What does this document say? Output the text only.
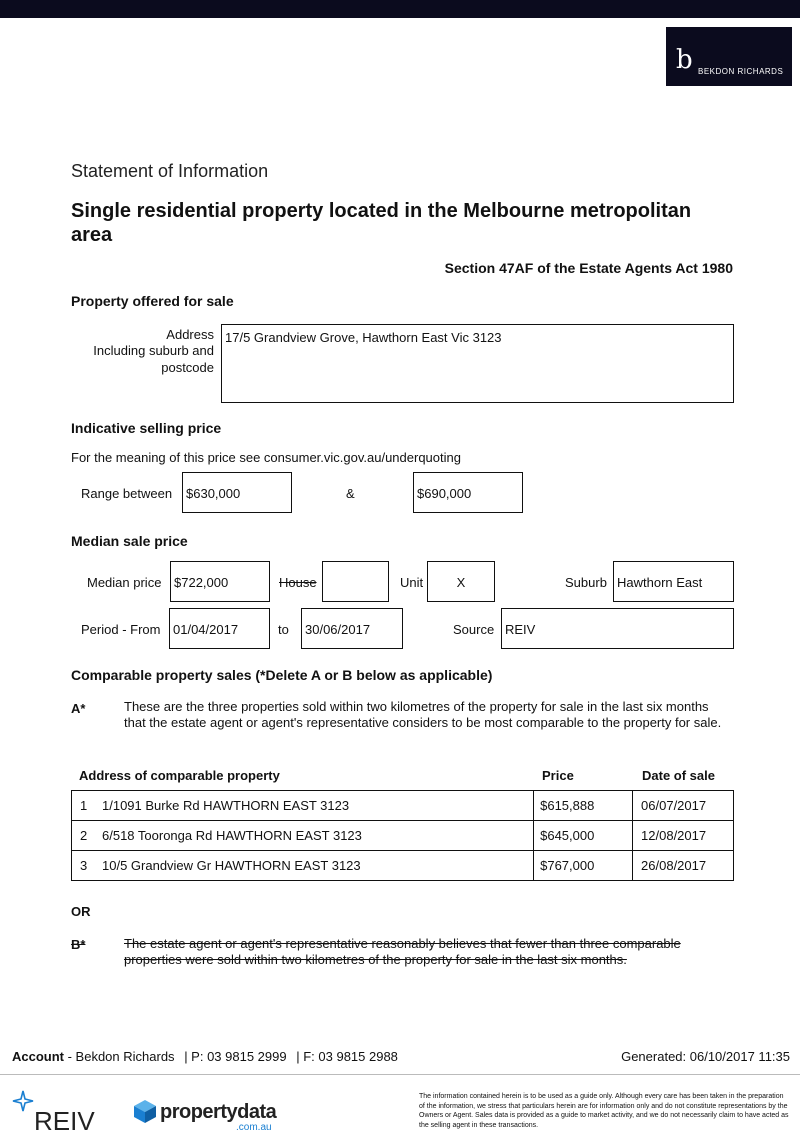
b BEKDON RICHARDS
Statement of Information
Single residential property located in the Melbourne metropolitan area
Section 47AF of the Estate Agents Act 1980
Property offered for sale
Address
Including suburb and
postcode
17/5 Grandview Grove, Hawthorn East Vic 3123
Indicative selling price
For the meaning of this price see consumer.vic.gov.au/underquoting
Range between	$630,000	&	$690,000
Median sale price
Median price $722,000	House	Unit	X	Suburb Hawthorn East
Period - From 01/04/2017	to	30/06/2017	Source REIV
Comparable property sales (*Delete A or B below as applicable)
A*	These are the three properties sold within two kilometres of the property for sale in the last six months that the estate agent or agent's representative considers to be most comparable to the property for sale.
Address of comparable property	Price	Date of sale
1 1/1091 Burke Rd HAWTHORN EAST 3123	$615,888	06/07/2017
2 6/518 Tooronga Rd HAWTHORN EAST 3123	$645,000	12/08/2017
3 10/5 Grandview Gr HAWTHORN EAST 3123	$767,000	26/08/2017
OR
B*	The estate agent or agent's representative reasonably believes that fewer than three comparable properties were sold within two kilometres of the property for sale in the last six months.
Account - Bekdon Richards | P: 03 9815 2999 | F: 03 9815 2988	Generated: 06/10/2017 11:35
REIV	propertydata
.com.au
The information contained herein is to be used as a guide only. Although every care has been taken in the preparation of the information, we stress that particulars herein are for information only and do not constitute representations by the Owners or Agent. Sales data is provided as a guide to market activity, and we do not necessarily claim to have acted as the selling agent in these transactions.
